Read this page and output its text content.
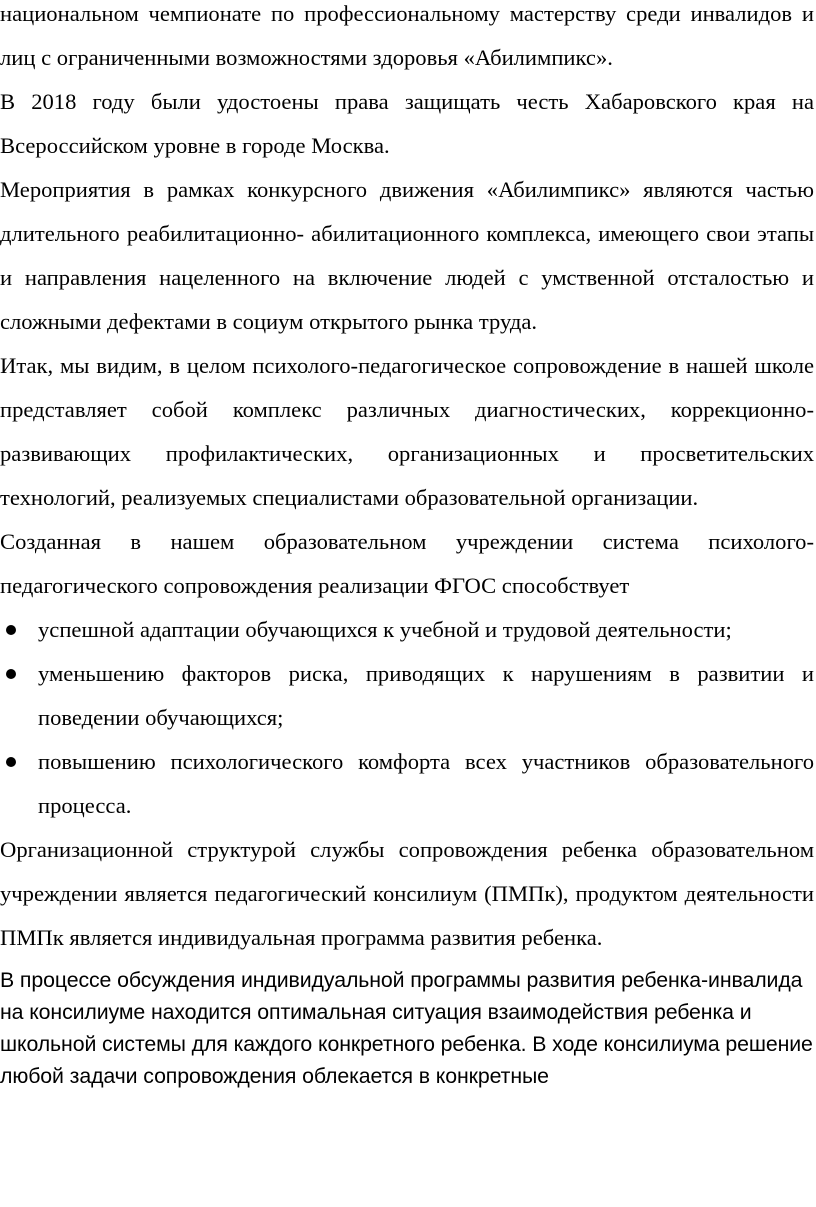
национальном чемпионате по профессиональному мастерству среди инвалидов и лиц с ограниченными возможностями здоровья «Абилимпикс».

В 2018 году были удостоены права защищать честь Хабаровского края на Всероссийском уровне в городе Москва.

Мероприятия в рамках конкурсного движения «Абилимпикс» являются частью длительного реабилитационно- абилитационного комплекса, имеющего свои этапы и направления нацеленного на включение людей с умственной отсталостью и сложными дефектами в социум открытого рынка труда.

Итак, мы видим, в целом психолого-педагогическое сопровождение в нашей школе представляет собой комплекс различных диагностических, коррекционно-развивающих профилактических, организационных и просветительских технологий, реализуемых специалистами образовательной организации.

Созданная в нашем образовательном учреждении система психолого-педагогического сопровождения реализации ФГОС способствует

успешной адаптации обучающихся к учебной и трудовой деятельности;
уменьшению факторов риска, приводящих к нарушениям в развитии и поведении обучающихся;
повышению психологического комфорта всех участников образовательного процесса.

Организационной структурой службы сопровождения ребенка образовательном учреждении является педагогический консилиум (ПМПк), продуктом деятельности ПМПк является индивидуальная программа развития ребенка.

В процессе обсуждения индивидуальной программы развития ребенка-инвалида на консилиуме находится оптимальная ситуация взаимодействия ребенка и школьной системы для каждого конкретного ребенка. В ходе консилиума решение любой задачи сопровождения облекается в конкретные
